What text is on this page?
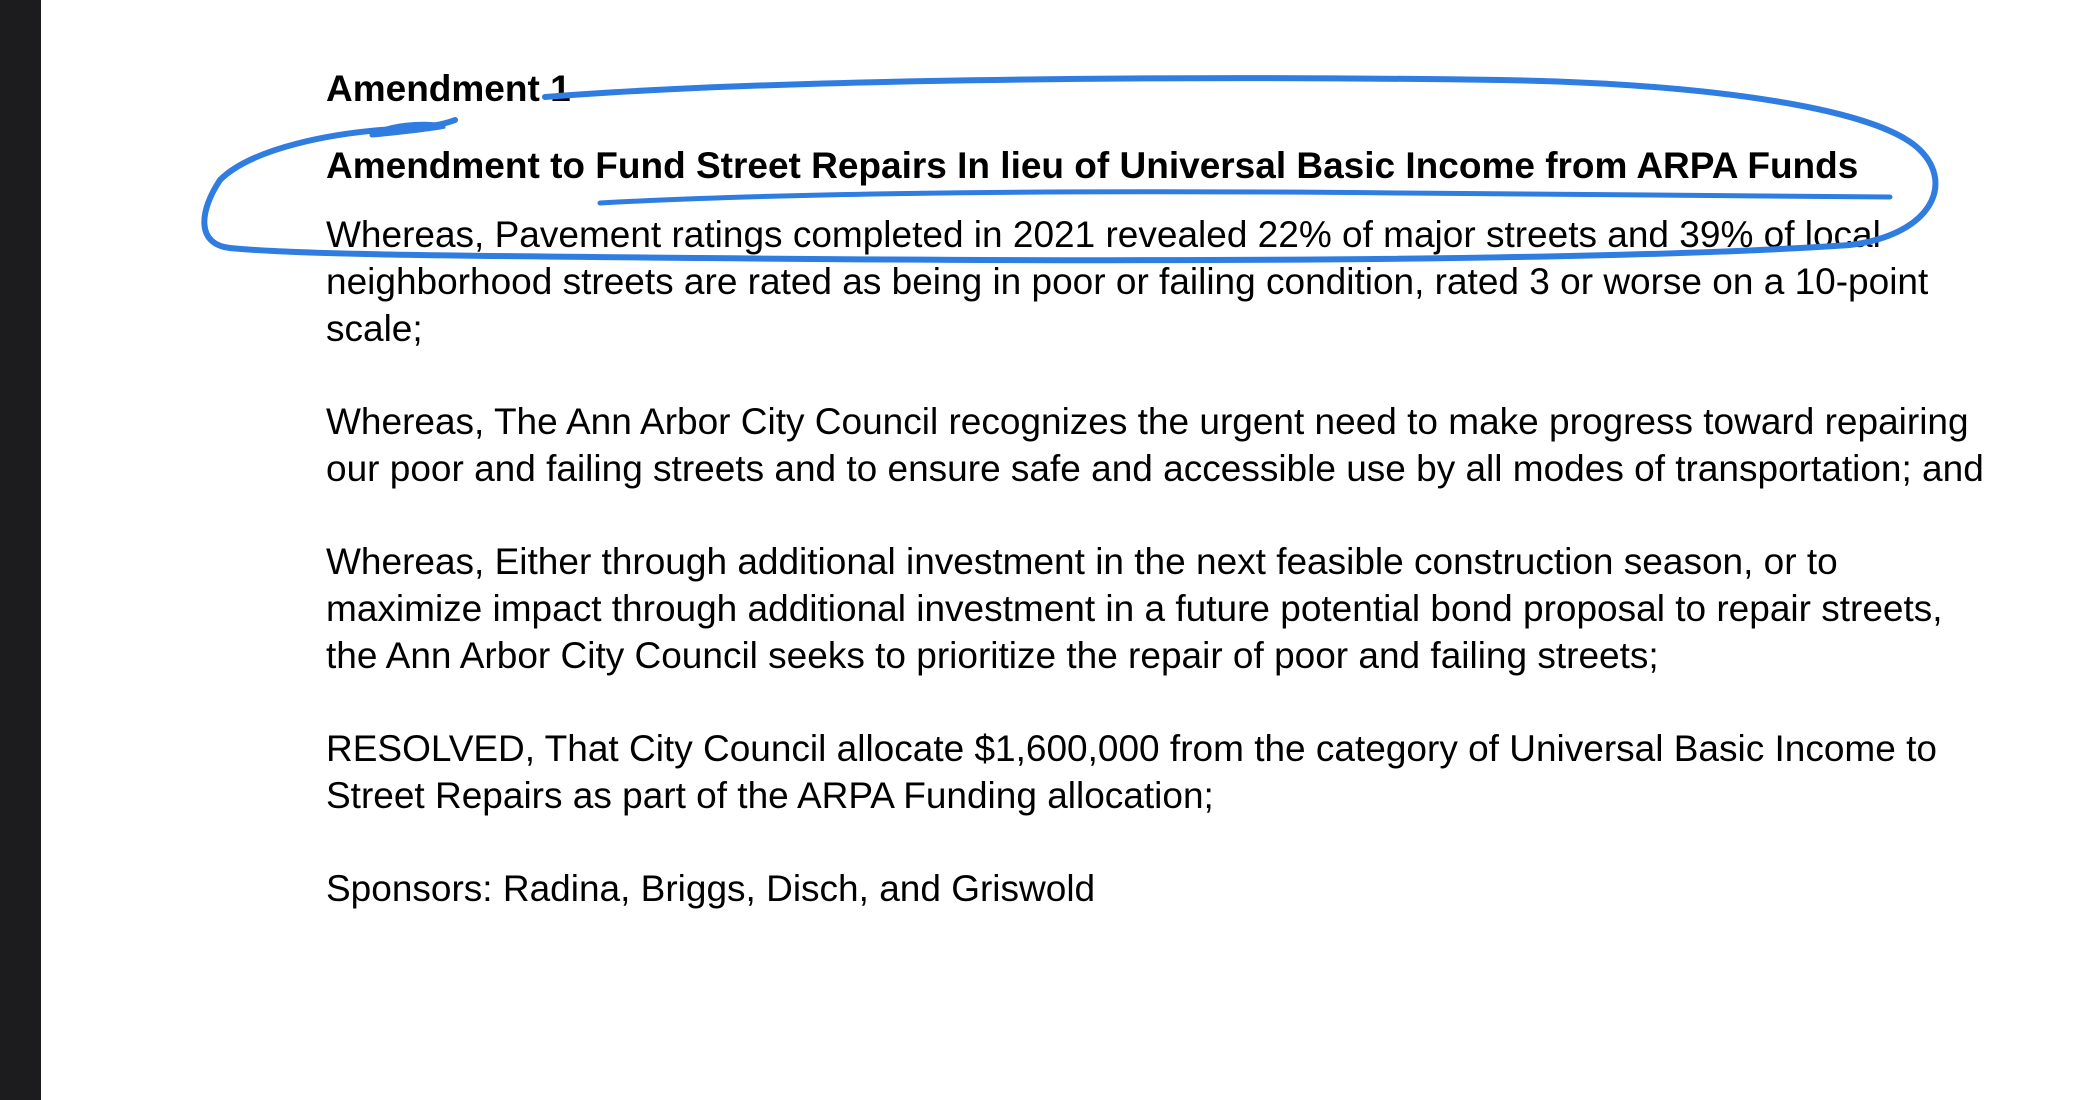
Amendment 1

Amendment to Fund Street Repairs In lieu of Universal Basic Income from ARPA Funds

Whereas, Pavement ratings completed in 2021 revealed 22% of major streets and 39% of local neighborhood streets are rated as being in poor or failing condition, rated 3 or worse on a 10-point scale;

Whereas, The Ann Arbor City Council recognizes the urgent need to make progress toward repairing our poor and failing streets and to ensure safe and accessible use by all modes of transportation; and

Whereas, Either through additional investment in the next feasible construction season, or to maximize impact through additional investment in a future potential bond proposal to repair streets, the Ann Arbor City Council seeks to prioritize the repair of poor and failing streets;

RESOLVED, That City Council allocate $1,600,000 from the category of Universal Basic Income to Street Repairs as part of the ARPA Funding allocation;

Sponsors: Radina, Briggs, Disch, and Griswold
